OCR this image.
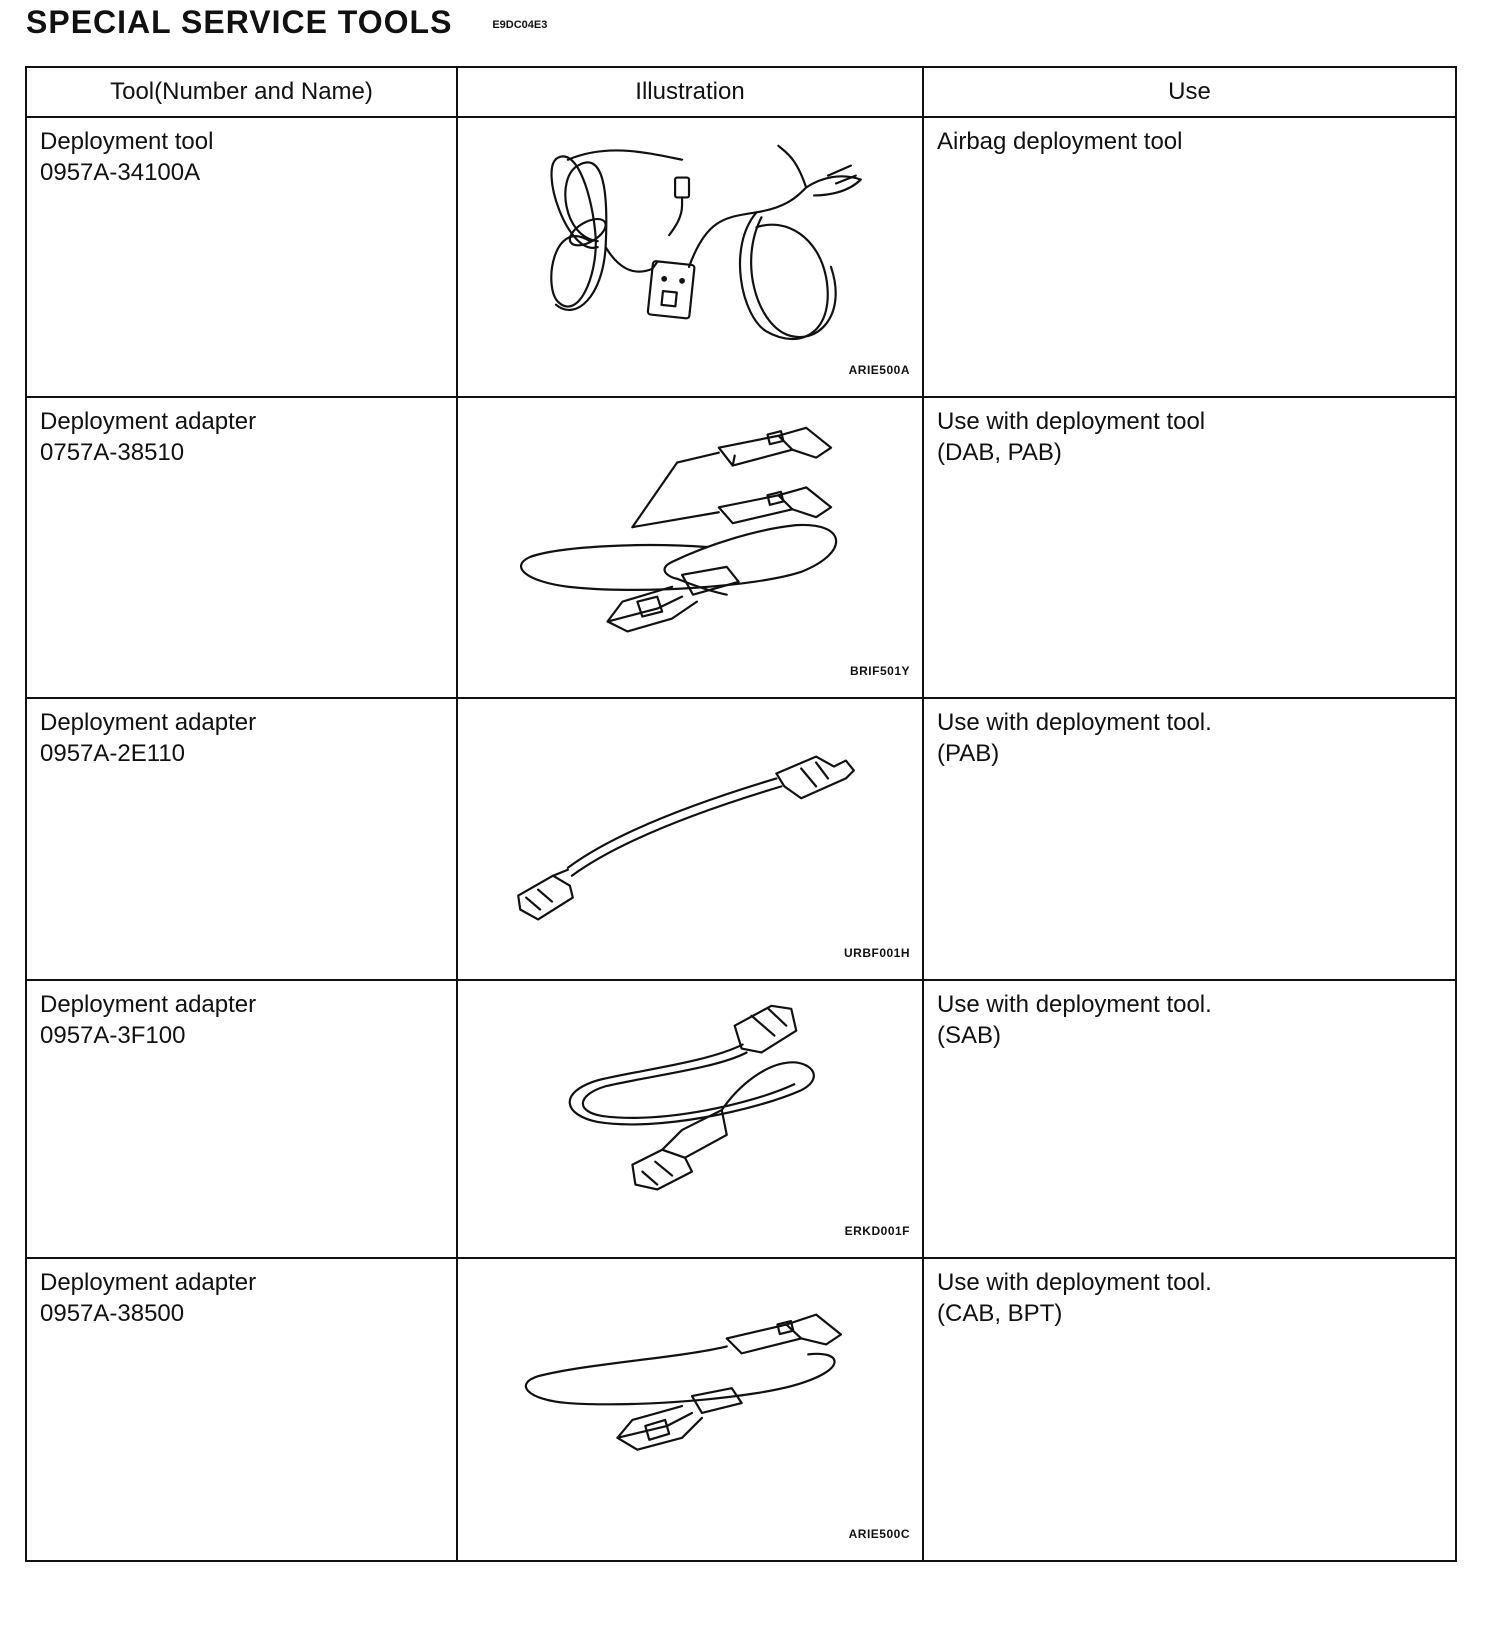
SPECIAL SERVICE TOOLS	E9DC04E3
Tool(Number and Name)	Illustration	Use

Deployment tool
0957A-34100A	ARIE500A	Airbag deployment tool

Deployment adapter
0757A-38510	BRIF501Y	Use with deployment tool
(DAB, PAB)

Deployment adapter
0957A-2E110	URBF001H	Use with deployment tool.
(PAB)

Deployment adapter
0957A-3F100	ERKD001F	Use with deployment tool.
(SAB)

Deployment adapter
0957A-38500	ARIE500C	Use with deployment tool.
(CAB, BPT)
